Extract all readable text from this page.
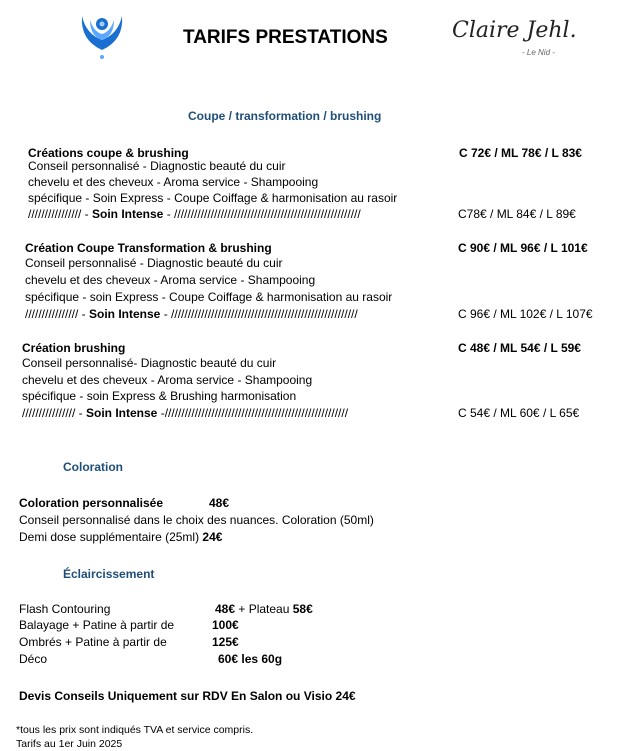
TARIFS PRESTATIONS	Claire Jehl.
- Le Nid -
Coupe / transformation / brushing
Créations coupe & brushing	C 72€ / ML 78€ / L 83€
Conseil personnalisé - Diagnostic beauté du cuir
chevelu et des cheveux - Aroma service - Shampooing
spécifique - Soin Express - Coupe Coiffage & harmonisation au rasoir
//////////////// - Soin Intense - ////////////////////////////////////////////////////////	C78€ / ML 84€ / L 89€
Création Coupe Transformation & brushing	C 90€ / ML 96€ / L 101€
Conseil personnalisé - Diagnostic beauté du cuir
chevelu et des cheveux - Aroma service - Shampooing
spécifique - soin Express - Coupe Coiffage & harmonisation au rasoir
//////////////// - Soin Intense - ////////////////////////////////////////////////////////	C 96€ / ML 102€ / L 107€
Création brushing	C 48€ / ML 54€ / L 59€
Conseil personnalisé- Diagnostic beauté du cuir
chevelu et des cheveux - Aroma service - Shampooing
spécifique - soin Express & Brushing harmonisation
//////////////// - Soin Intense -///////////////////////////////////////////////////////	C 54€ / ML 60€ / L 65€
Coloration
Coloration personnalisée	48€
Conseil personnalisé dans le choix des nuances. Coloration (50ml)
Demi dose supplémentaire (25ml) 24€
Éclaircissement
Flash Contouring	48€ + Plateau 58€
Balayage + Patine à partir de	100€
Ombrés + Patine à partir de	125€
Déco	60€ les 60g
Devis Conseils Uniquement sur RDV En Salon ou Visio 24€
*tous les prix sont indiqués TVA et service compris.
Tarifs au 1er Juin 2025
